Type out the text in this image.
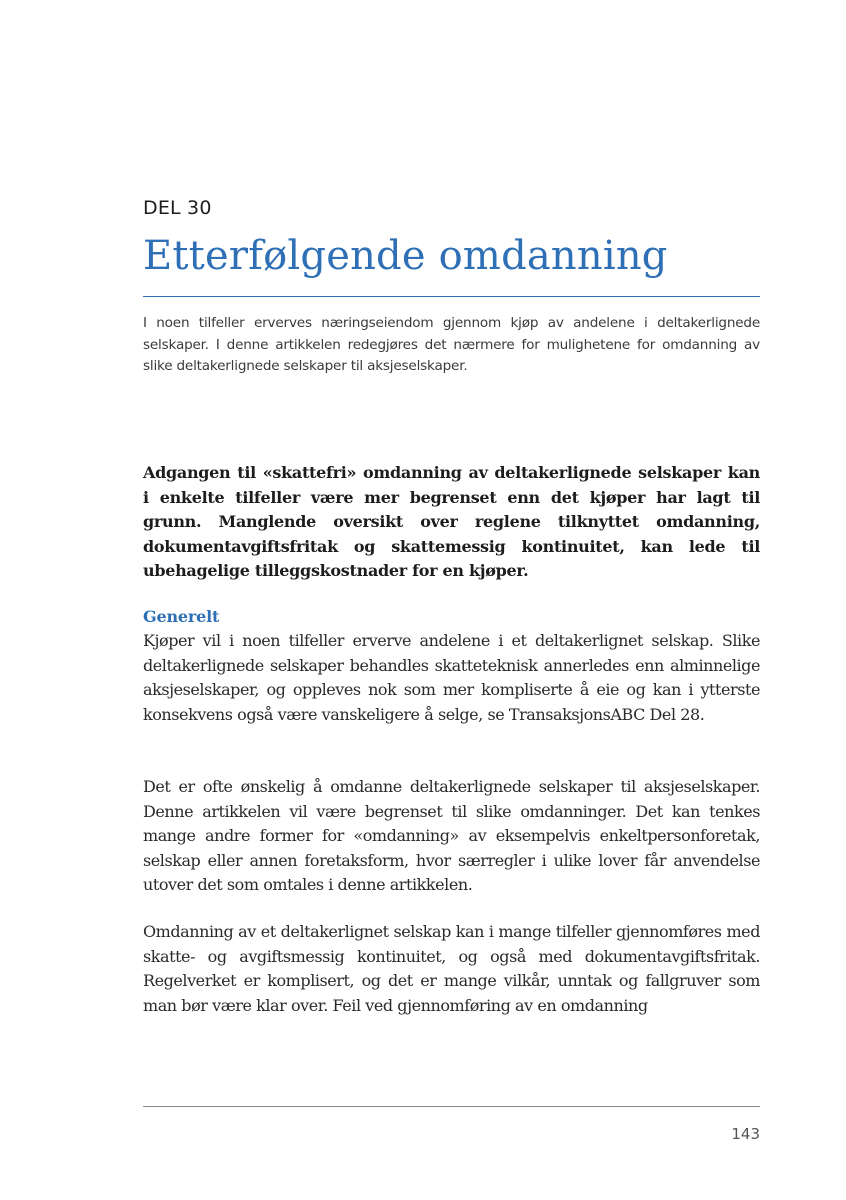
DEL 30
Etterfølgende omdanning

I noen tilfeller erverves næringseiendom gjennom kjøp av andelene i deltakerlignede selskaper. I denne artikkelen redegjøres det nærmere for mulighetene for omdanning av slike deltakerlignede selskaper til aksjeselskaper.

Adgangen til «skattefri» omdanning av deltakerlignede selskaper kan i enkelte tilfeller være mer begrenset enn det kjøper har lagt til grunn. Manglende oversikt over reglene tilknyttet omdanning, dokumentavgiftsfritak og skattemessig kontinuitet, kan lede til ubehagelige tilleggskostnader for en kjøper.

Generelt

Kjøper vil i noen tilfeller erverve andelene i et deltakerlignet selskap. Slike deltakerlignede selskaper behandles skatteteknisk annerledes enn alminnelige aksjeselskaper, og oppleves nok som mer kompliserte å eie og kan i ytterste konsekvens også være vanskeligere å selge, se TransaksjonsABC Del 28.

Det er ofte ønskelig å omdanne deltakerlignede selskaper til aksjeselskaper. Denne artikkelen vil være begrenset til slike omdanninger. Det kan tenkes mange andre former for «omdanning» av eksempelvis enkeltpersonforetak, selskap eller annen foretaksform, hvor særregler i ulike lover får anvendelse utover det som omtales i denne artikkelen.

Omdanning av et deltakerlignet selskap kan i mange tilfeller gjennomføres med skatte- og avgiftsmessig kontinuitet, og også med dokumentavgiftsfritak. Regelverket er komplisert, og det er mange vilkår, unntak og fallgruver som man bør være klar over. Feil ved gjennomføring av en omdanning

143
